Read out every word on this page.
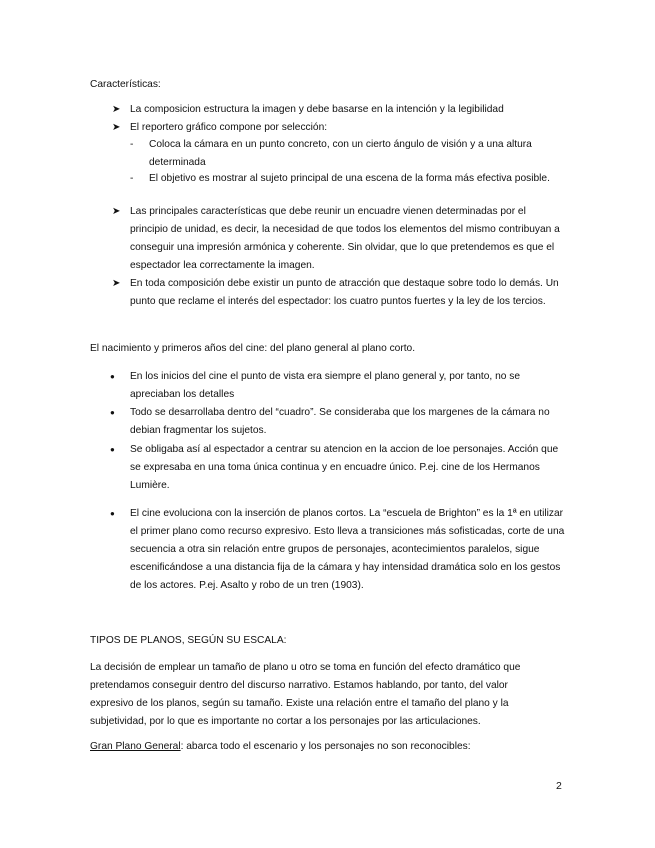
Características:

➤ La composicion estructura la imagen y debe basarse en la intención y la legibilidad
➤ El reportero gráfico compone por selección:
-	Coloca la cámara en un punto concreto, con un cierto ángulo de visión y a una altura determinada
-	El objetivo es mostrar al sujeto principal de una escena de la forma más efectiva posible.
➤ Las principales características que debe reunir un encuadre vienen determinadas por el principio de unidad, es decir, la necesidad de que todos los elementos del mismo contribuyan a conseguir una impresión armónica y coherente. Sin olvidar, que lo que pretendemos es que el espectador lea correctamente la imagen.
➤ En toda composición debe existir un punto de atracción que destaque sobre todo lo demás. Un punto que reclame el interés del espectador: los cuatro puntos fuertes y la ley de los tercios.

El nacimiento y primeros años del cine: del plano general al plano corto.

●	En los inicios del cine el punto de vista era siempre el plano general y, por tanto, no se apreciaban los detalles
●	Todo se desarrollaba dentro del “cuadro”. Se consideraba que los margenes de la cámara no debian fragmentar los sujetos.
●	Se obligaba así al espectador a centrar su atencion en la accion de loe personajes. Acción que se expresaba en una toma única continua y en encuadre único. P.ej. cine de los Hermanos Lumière.
●	El cine evoluciona con la inserción de planos cortos. La “escuela de Brighton” es la 1ª en utilizar el primer plano como recurso expresivo. Esto lleva a transiciones más sofisticadas, corte de una secuencia a otra sin relación entre grupos de personajes, acontecimientos paralelos, sigue escenificándose a una distancia fija de la cámara y hay intensidad dramática solo en los gestos de los actores. P.ej. Asalto y robo de un tren (1903).

TIPOS DE PLANOS, SEGÚN SU ESCALA:

La decisión de emplear un tamaño de plano u otro se toma en función del efecto dramático que pretendamos conseguir dentro del discurso narrativo. Estamos hablando, por tanto, del valor expresivo de los planos, según su tamaño. Existe una relación entre el tamaño del plano y la subjetividad, por lo que es importante no cortar a los personajes por las articulaciones.

Gran Plano General: abarca todo el escenario y los personajes no son reconocibles:

2
